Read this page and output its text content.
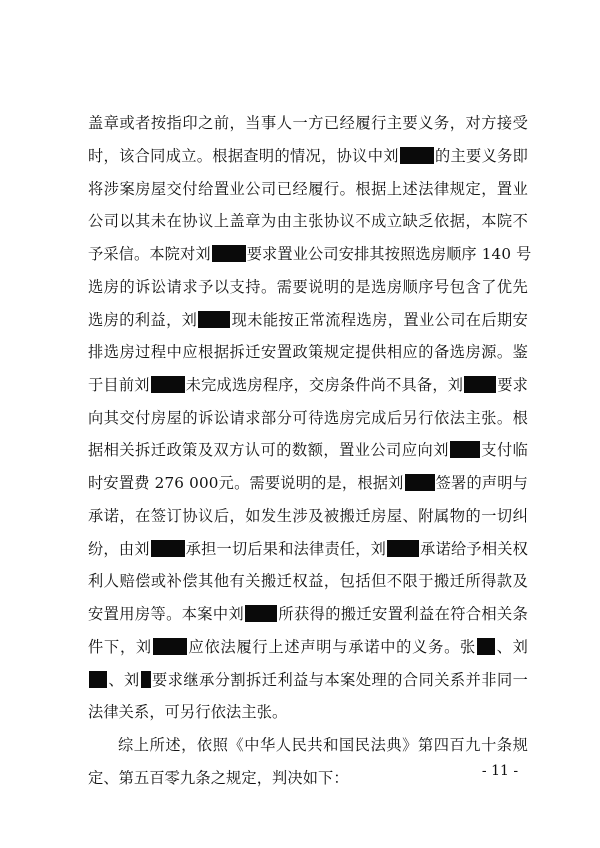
盖章或者按指印之前，当事人一方已经履行主要义务，对方接受
时，该合同成立。根据查明的情况，协议中刘 的主要义务即
将涉案房屋交付给置业公司已经履行。根据上述法律规定，置业
公司以其未在协议上盖章为由主张协议不成立缺乏依据，本院不
予采信。本院对刘 要求置业公司安排其按照选房顺序 140 号
选房的诉讼请求予以支持。需要说明的是选房顺序号包含了优先
选房的利益，刘 现未能按正常流程选房，置业公司在后期安
排选房过程中应根据拆迁安置政策规定提供相应的备选房源。鉴
于目前刘 未完成选房程序，交房条件尚不具备，刘 要求
向其交付房屋的诉讼请求部分可待选房完成后另行依法主张。根
据相关拆迁政策及双方认可的数额，置业公司应向刘 支付临
时安置费 276 000元。需要说明的是，根据刘 签署的声明与
承诺，在签订协议后，如发生涉及被搬迁房屋、附属物的一切纠
纷，由刘 承担一切后果和法律责任，刘 承诺给予相关权
利人赔偿或补偿其他有关搬迁权益，包括但不限于搬迁所得款及
安置用房等。本案中刘 所获得的搬迁安置利益在符合相关条
件下，刘 应依法履行上述声明与承诺中的义务。张 、刘
、刘 要求继承分割拆迁利益与本案处理的合同关系并非同一
法律关系，可另行依法主张。
综上所述，依照《中华人民共和国民法典》第四百九十条规
定、第五百零九条之规定，判决如下：	- 11 -
